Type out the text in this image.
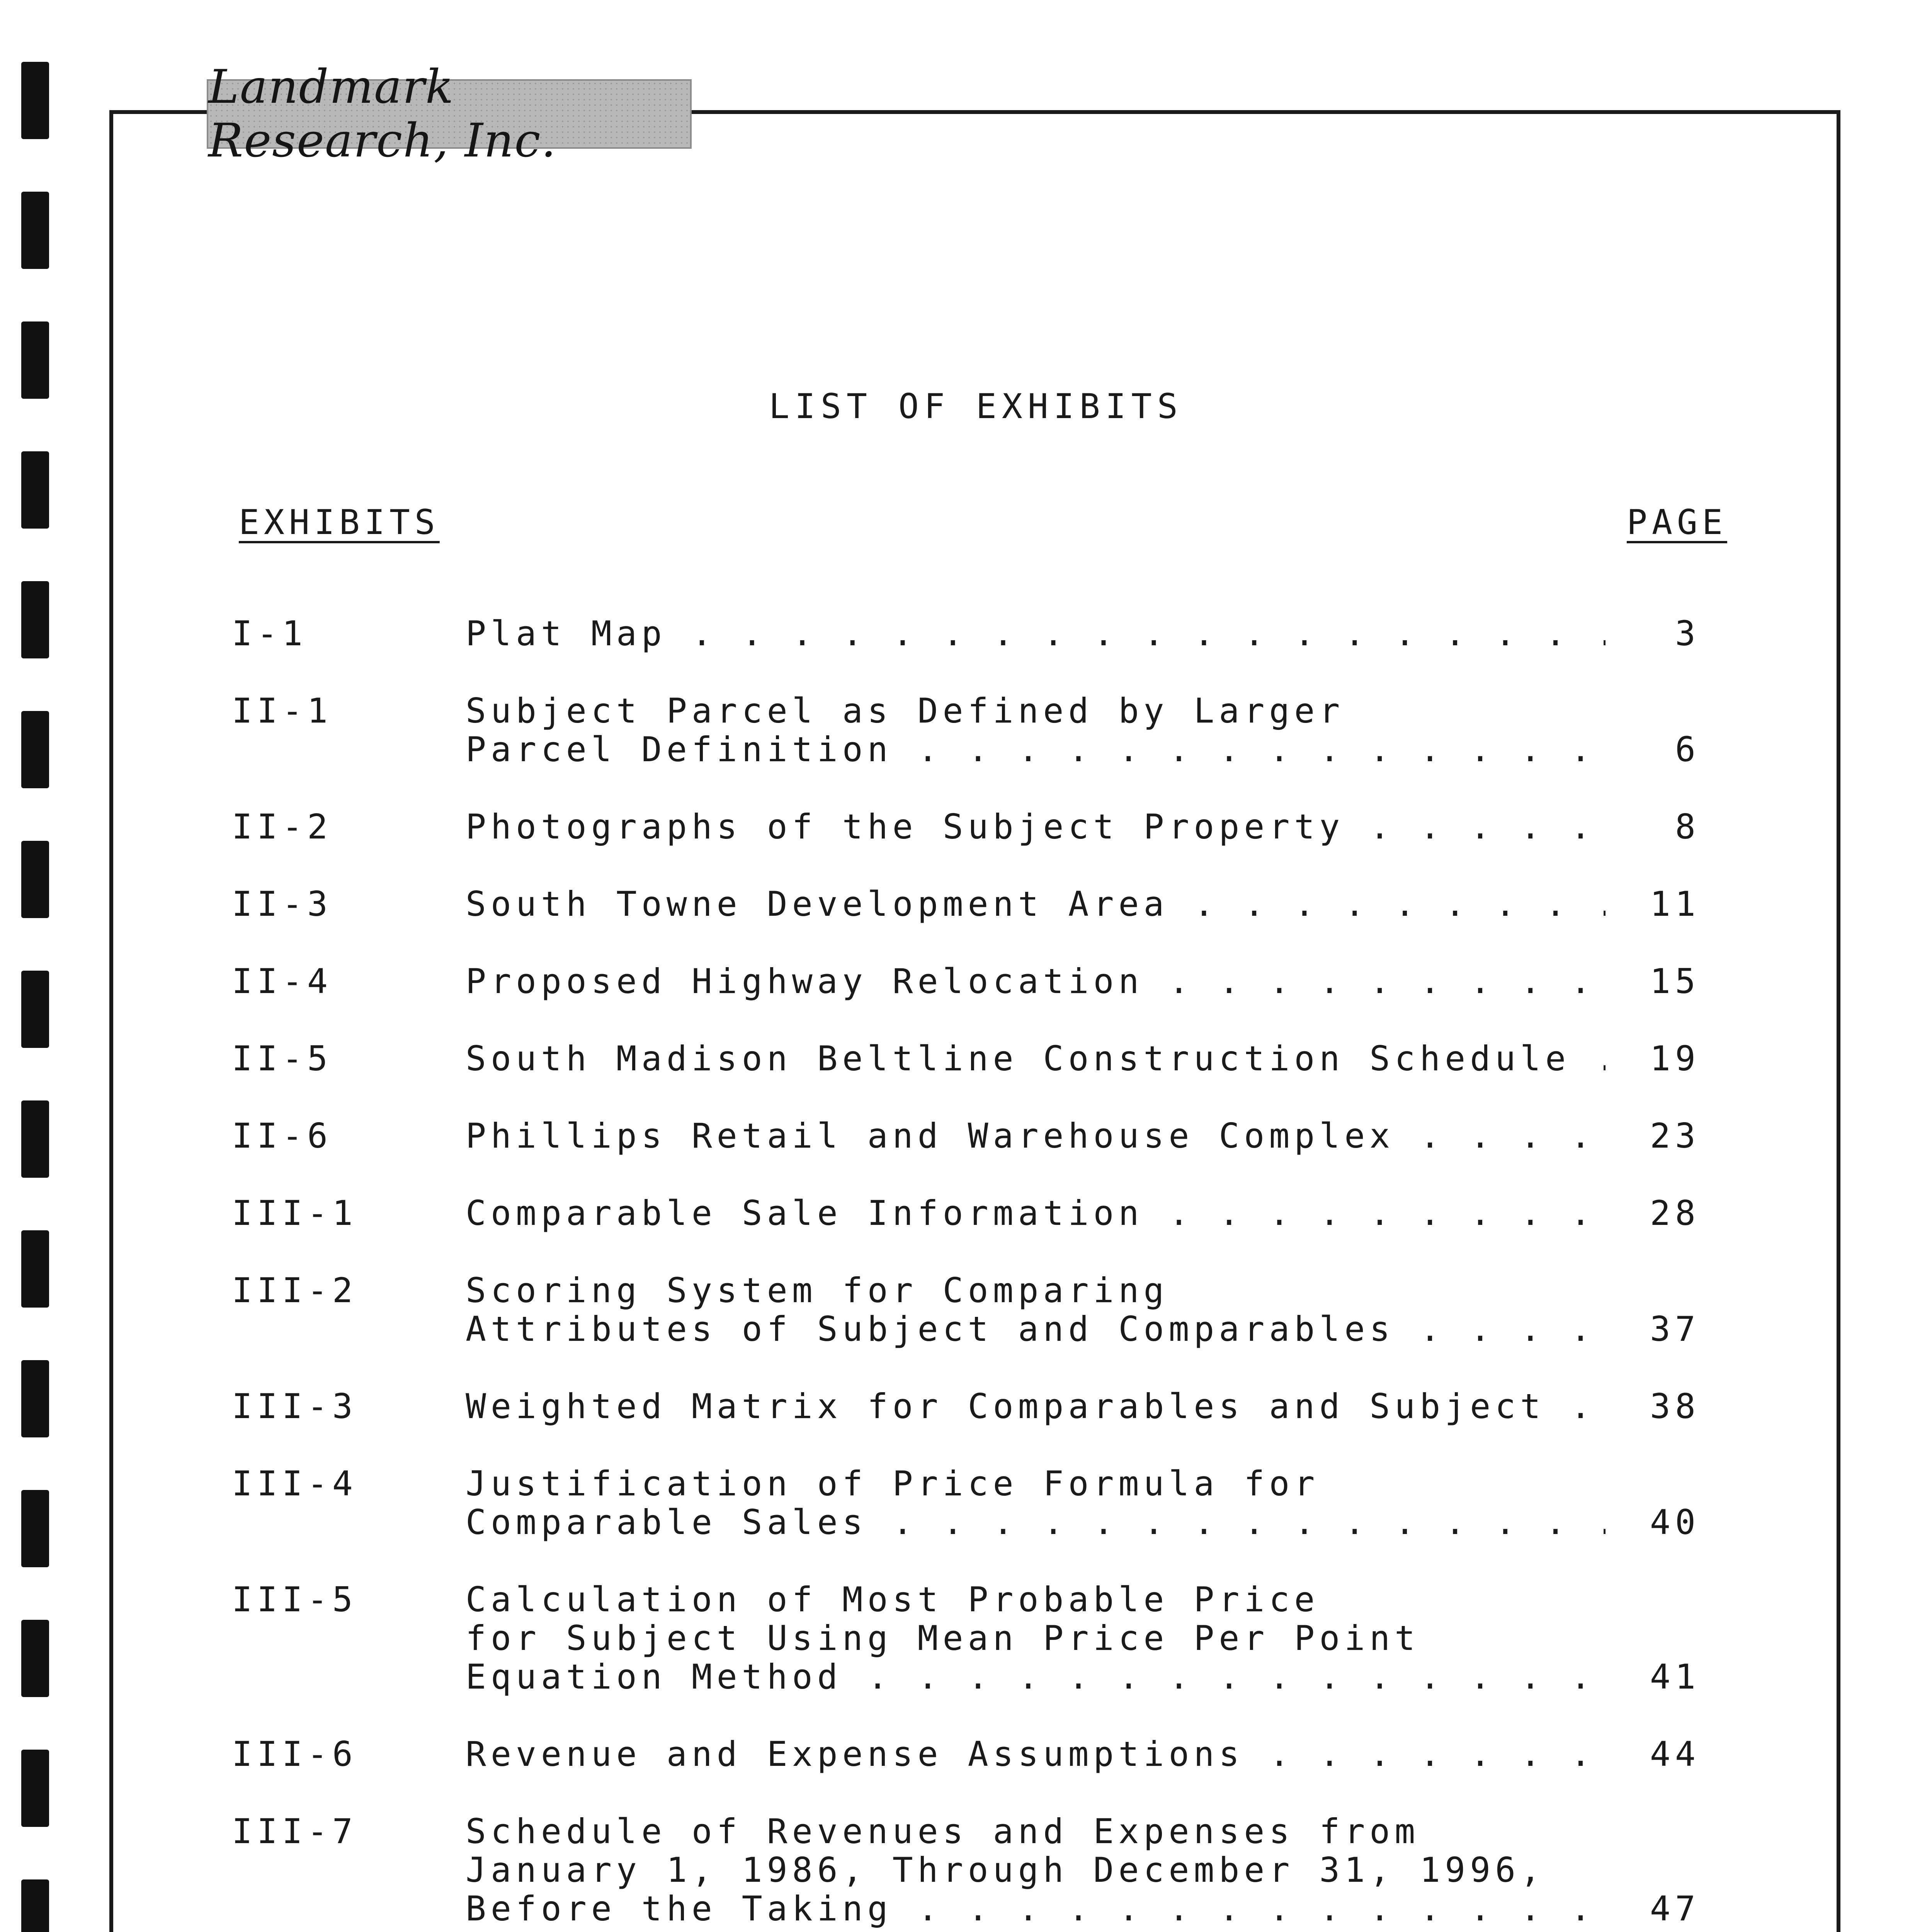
Landmark Research, Inc.
LIST OF EXHIBITS
EXHIBITS	PAGE
I-1	Plat Map . . .	3
II-1	Subject Parcel as Defined by Larger
Parcel Definition . . .	6
II-2	Photographs of the Subject Property . . .	8
II-3	South Towne Development Area . . .	11
II-4	Proposed Highway Relocation . . .	15
II-5	South Madison Beltline Construction Schedule . . .	19
II-6	Phillips Retail and Warehouse Complex . . .	23
III-1	Comparable Sale Information . . .	28
III-2	Scoring System for Comparing
Attributes of Subject and Comparables . . .	37
III-3	Weighted Matrix for Comparables and Subject . . .	38
III-4	Justification of Price Formula for
Comparable Sales . . .	40
III-5	Calculation of Most Probable Price
for Subject Using Mean Price Per Point
Equation Method . . .	41
III-6	Revenue and Expense Assumptions . . .	44
III-7	Schedule of Revenues and Expenses from
January 1, 1986, Through December 31, 1996,
Before the Taking . . .	47
